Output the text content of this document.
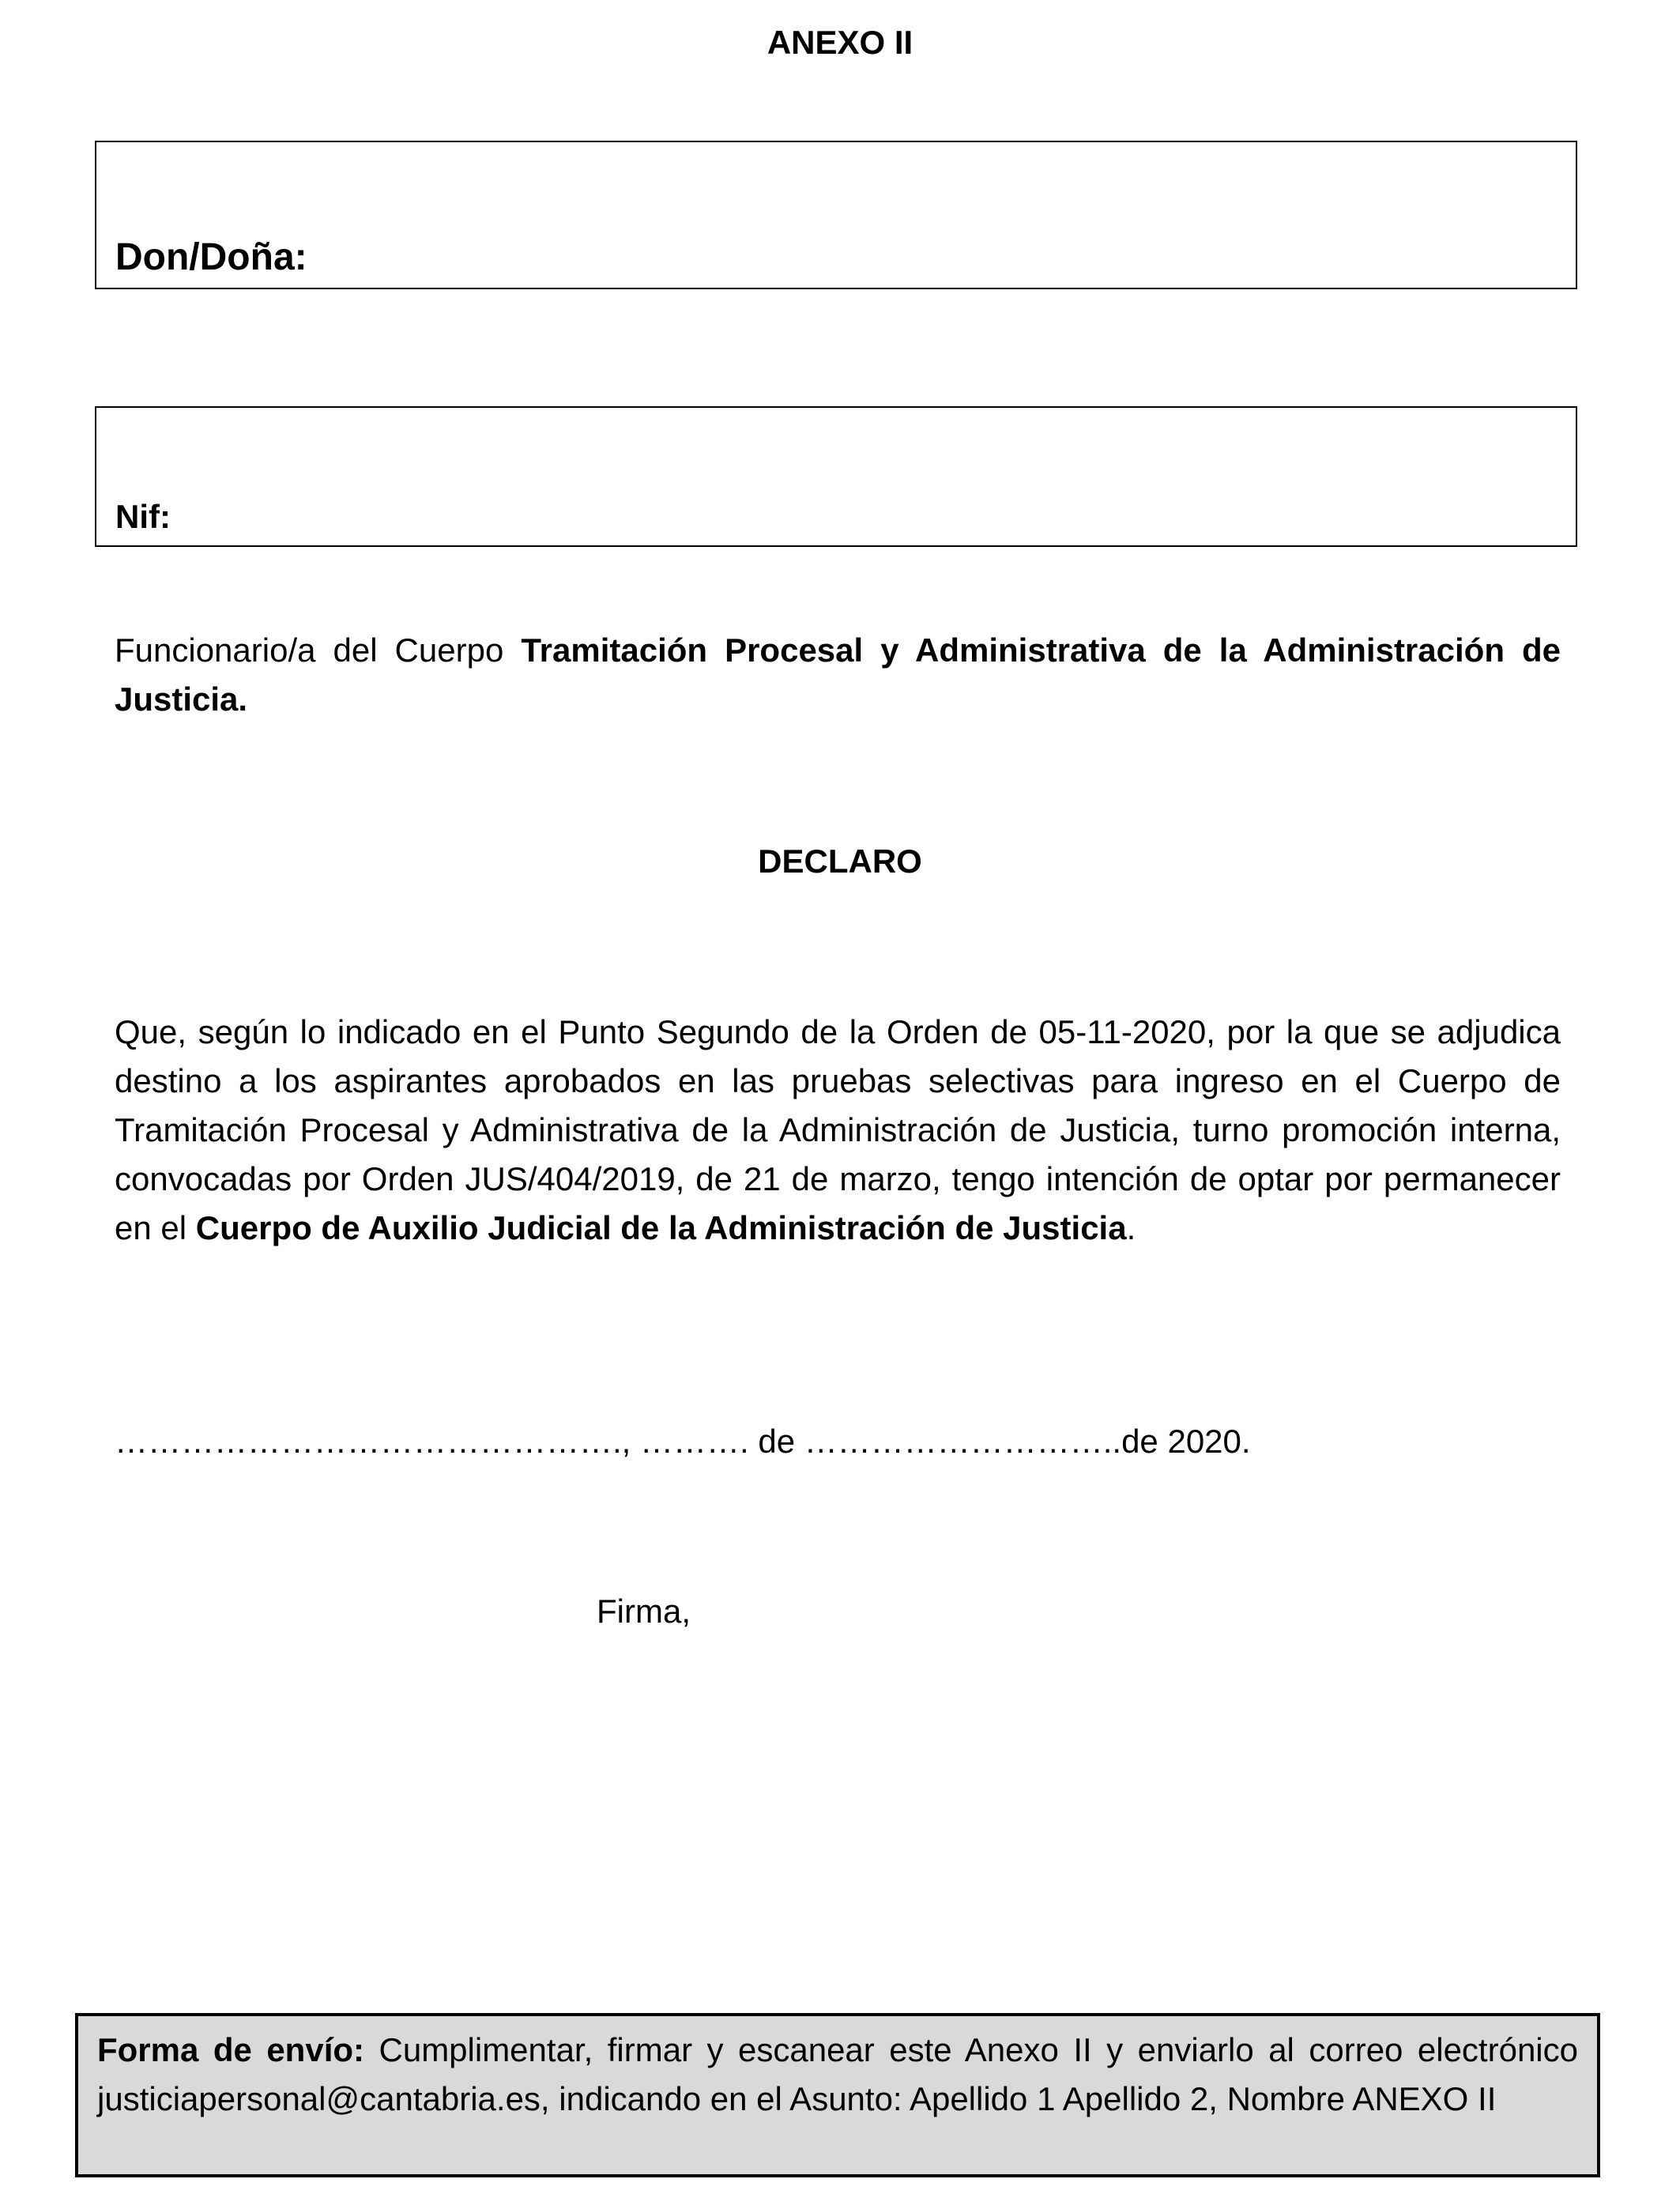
ANEXO II
Don/Doña:
Nif:
Funcionario/a del Cuerpo Tramitación Procesal y Administrativa de la Administración de Justicia.
DECLARO
Que, según lo indicado en el Punto Segundo de la Orden de 05-11-2020, por la que se adjudica destino a los aspirantes aprobados en las pruebas selectivas para ingreso en el Cuerpo de Tramitación Procesal y Administrativa de la Administración de Justicia, turno promoción interna, convocadas por Orden JUS/404/2019, de 21 de marzo, tengo intención de optar por permanecer en el Cuerpo de Auxilio Judicial de la Administración de Justicia.
………………………………………., ………. de ………………………..de 2020.
Firma,
Forma de envío: Cumplimentar, firmar y escanear este Anexo II y enviarlo al correo electrónico justiciapersonal@cantabria.es, indicando en el Asunto: Apellido 1 Apellido 2, Nombre ANEXO II
